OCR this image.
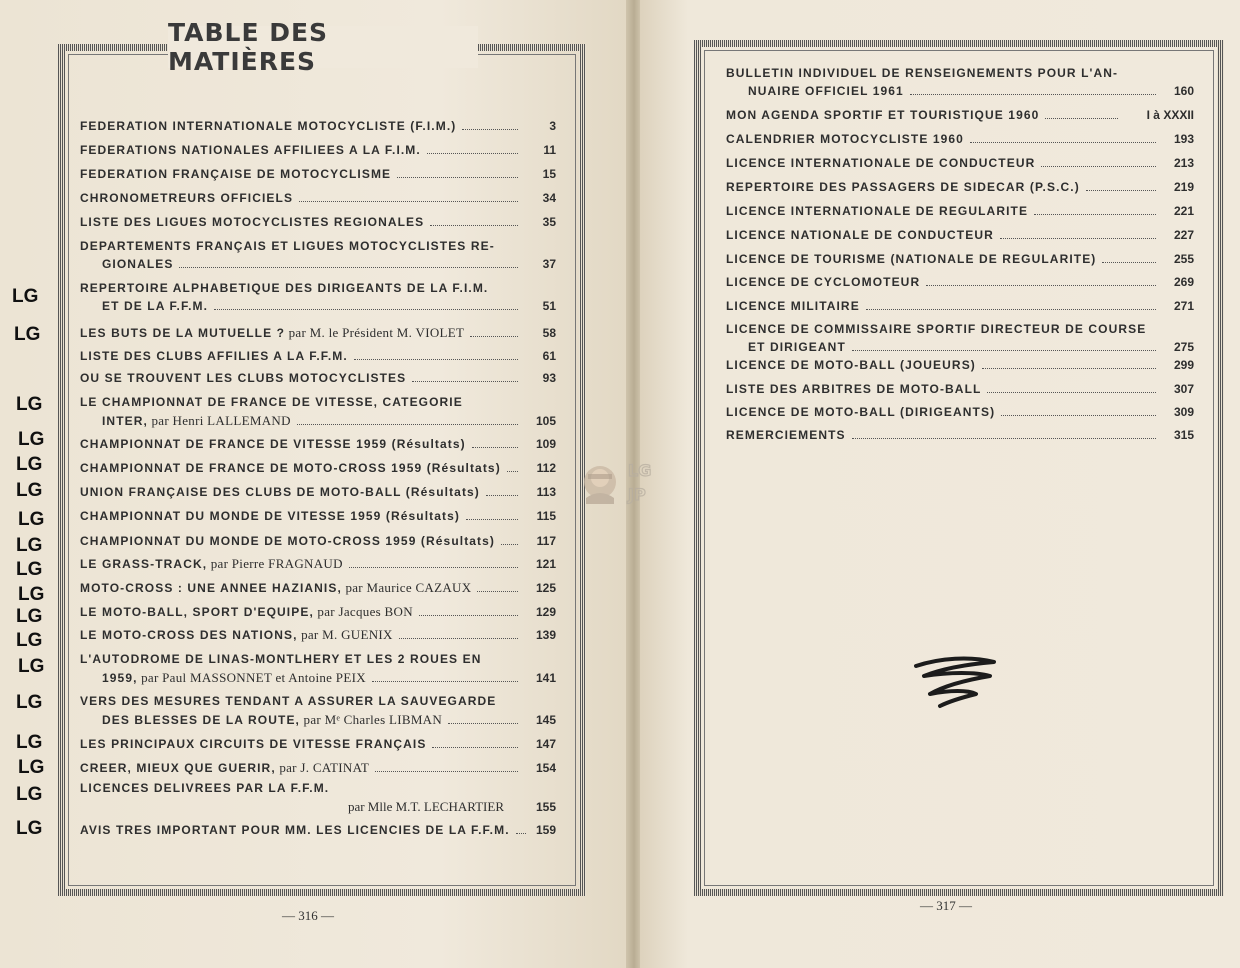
TABLE DES MATIÈRES
FEDERATION INTERNATIONALE MOTOCYCLISTE (F.I.M.)	3
FEDERATIONS NATIONALES AFFILIEES A LA F.I.M.	11
FEDERATION FRANÇAISE DE MOTOCYCLISME	15
CHRONOMETREURS OFFICIELS	34
LISTE DES LIGUES MOTOCYCLISTES REGIONALES	35
DEPARTEMENTS FRANÇAIS ET LIGUES MOTOCYCLISTES RE-
GIONALES	37
REPERTOIRE ALPHABETIQUE DES DIRIGEANTS DE LA F.I.M.
ET DE LA F.F.M.	51
LES BUTS DE LA MUTUELLE ? par M. le Président M. VIOLET	58
LISTE DES CLUBS AFFILIES A LA F.F.M.	61
OU SE TROUVENT LES CLUBS MOTOCYCLISTES	93
LE CHAMPIONNAT DE FRANCE DE VITESSE, CATEGORIE
INTER, par Henri LALLEMAND	105
CHAMPIONNAT DE FRANCE DE VITESSE 1959 (Résultats)	109
CHAMPIONNAT DE FRANCE DE MOTO-CROSS 1959 (Résultats)	112
UNION FRANÇAISE DES CLUBS DE MOTO-BALL (Résultats)	113
CHAMPIONNAT DU MONDE DE VITESSE 1959 (Résultats)	115
CHAMPIONNAT DU MONDE DE MOTO-CROSS 1959 (Résultats)	117
LE GRASS-TRACK, par Pierre FRAGNAUD	121
MOTO-CROSS : UNE ANNEE HAZIANIS, par Maurice CAZAUX	125
LE MOTO-BALL, SPORT D'EQUIPE, par Jacques BON	129
LE MOTO-CROSS DES NATIONS, par M. GUENIX	139
L'AUTODROME DE LINAS-MONTLHERY ET LES 2 ROUES EN
1959, par Paul MASSONNET et Antoine PEIX	141
VERS DES MESURES TENDANT A ASSURER LA SAUVEGARDE
DES BLESSES DE LA ROUTE, par Mᵉ Charles LIBMAN	145
LES PRINCIPAUX CIRCUITS DE VITESSE FRANÇAIS	147
CREER, MIEUX QUE GUERIR, par J. CATINAT	154
LICENCES DELIVREES PAR LA F.F.M.
par Mlle M.T. LECHARTIER	155
AVIS TRES IMPORTANT POUR MM. LES LICENCIES DE LA F.F.M.	159
— 316 —
BULLETIN INDIVIDUEL DE RENSEIGNEMENTS POUR L'AN-
NUAIRE OFFICIEL 1961	160
MON AGENDA SPORTIF ET TOURISTIQUE 1960	I à XXXII
CALENDRIER MOTOCYCLISTE 1960	193
LICENCE INTERNATIONALE DE CONDUCTEUR	213
REPERTOIRE DES PASSAGERS DE SIDECAR (P.S.C.)	219
LICENCE INTERNATIONALE DE REGULARITE	221
LICENCE NATIONALE DE CONDUCTEUR	227
LICENCE DE TOURISME (NATIONALE DE REGULARITE)	255
LICENCE DE CYCLOMOTEUR	269
LICENCE MILITAIRE	271
LICENCE DE COMMISSAIRE SPORTIF DIRECTEUR DE COURSE
ET DIRIGEANT	275
LICENCE DE MOTO-BALL (JOUEURS)	299
LISTE DES ARBITRES DE MOTO-BALL	307
LICENCE DE MOTO-BALL (DIRIGEANTS)	309
REMERCIEMENTS	315
— 317 —
LG
LG
LG
LG
LG
LG
LG
LG
LG
LG
LG
LG
LG
LG
LG
LG
LG
LG
LG
JP
